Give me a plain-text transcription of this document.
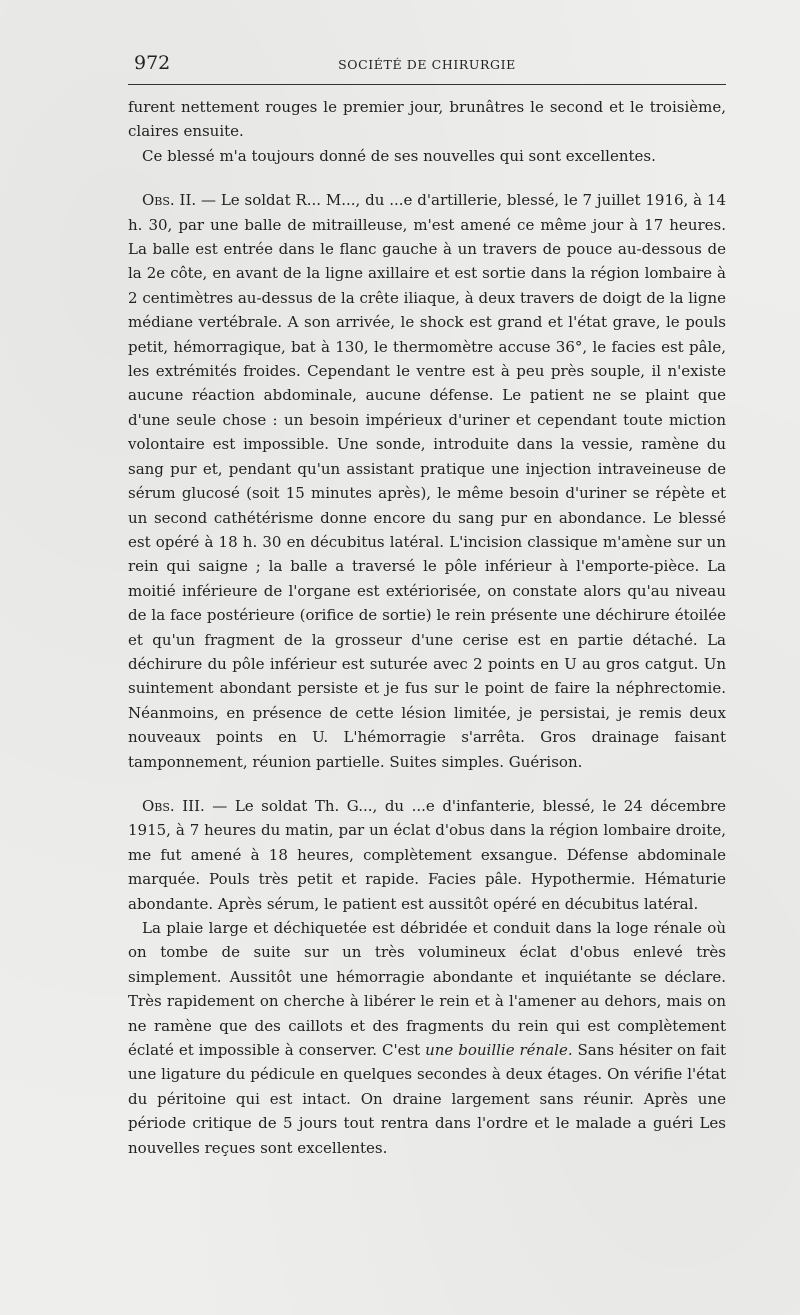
972	SOCIÉTÉ DE CHIRURGIE

furent nettement rouges le premier jour, brunâtres le second et le troisième, claires ensuite.

Ce blessé m'a toujours donné de ses nouvelles qui sont excellentes.

Obs. II. — Le soldat R... M..., du ...e d'artillerie, blessé, le 7 juillet 1916, à 14 h. 30, par une balle de mitrailleuse, m'est amené ce même jour à 17 heures. La balle est entrée dans le flanc gauche à un travers de pouce au-dessous de la 2e côte, en avant de la ligne axillaire et est sortie dans la région lombaire à 2 centimètres au-dessus de la crête iliaque, à deux travers de doigt de la ligne médiane vertébrale. A son arrivée, le shock est grand et l'état grave, le pouls petit, hémorragique, bat à 130, le thermomètre accuse 36°, le facies est pâle, les extrémités froides. Cependant le ventre est à peu près souple, il n'existe aucune réaction abdominale, aucune défense. Le patient ne se plaint que d'une seule chose : un besoin impérieux d'uriner et cependant toute miction volontaire est impossible. Une sonde, introduite dans la vessie, ramène du sang pur et, pendant qu'un assistant pratique une injection intraveineuse de sérum glucosé (soit 15 minutes après), le même besoin d'uriner se répète et un second cathétérisme donne encore du sang pur en abondance. Le blessé est opéré à 18 h. 30 en décubitus latéral. L'incision classique m'amène sur un rein qui saigne ; la balle a traversé le pôle inférieur à l'emporte-pièce. La moitié inférieure de l'organe est extériorisée, on constate alors qu'au niveau de la face postérieure (orifice de sortie) le rein présente une déchirure étoilée et qu'un fragment de la grosseur d'une cerise est en partie détaché. La déchirure du pôle inférieur est suturée avec 2 points en U au gros catgut. Un suintement abondant persiste et je fus sur le point de faire la néphrectomie. Néanmoins, en présence de cette lésion limitée, je persistai, je remis deux nouveaux points en U. L'hémorragie s'arrêta. Gros drainage faisant tamponnement, réunion partielle. Suites simples. Guérison.

Obs. III. — Le soldat Th. G..., du ...e d'infanterie, blessé, le 24 décembre 1915, à 7 heures du matin, par un éclat d'obus dans la région lombaire droite, me fut amené à 18 heures, complètement exsangue. Défense abdominale marquée. Pouls très petit et rapide. Facies pâle. Hypothermie. Hématurie abondante. Après sérum, le patient est aussitôt opéré en décubitus latéral.

La plaie large et déchiquetée est débridée et conduit dans la loge rénale où on tombe de suite sur un très volumineux éclat d'obus enlevé très simplement. Aussitôt une hémorragie abondante et inquiétante se déclare. Très rapidement on cherche à libérer le rein et à l'amener au dehors, mais on ne ramène que des caillots et des fragments du rein qui est complètement éclaté et impossible à conserver. C'est une bouillie rénale. Sans hésiter on fait une ligature du pédicule en quelques secondes à deux étages. On vérifie l'état du péritoine qui est intact. On draine largement sans réunir. Après une période critique de 5 jours tout rentra dans l'ordre et le malade a guéri Les nouvelles reçues sont excellentes.
